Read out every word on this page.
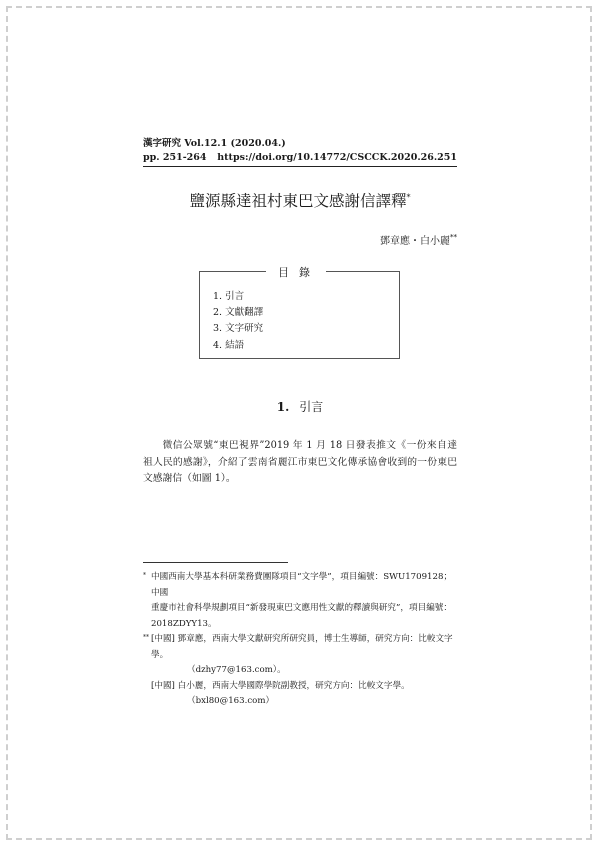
漢字研究 Vol.12.1 (2020.04.)
pp. 251-264 https://doi.org/10.14772/CSCCK.2020.26.251
鹽源縣達祖村東巴文感謝信譯釋*
鄧章應・白小麗**
目錄
1. 引言
2. 文獻翻譯
3. 文字研究
4. 結語
1. 引言
微信公眾號“東巴視界”2019 年 1 月 18 日發表推文《一份來自達祖人民的感謝》，介紹了雲南省麗江市東巴文化傳承協會收到的一份東巴文感謝信（如圖 1）。
* 中國西南大學基本科研業務費團隊項目“文字學”，項目編號：SWU1709128；中國
重慶市社會科學規劃項目“新發現東巴文應用性文獻的釋讀與研究”，項目編號：
2018ZDYY13。
** [中國] 鄧章應，西南大學文獻研究所研究員，博士生導師，研究方向：比較文字學。
（dzhy77@163.com）。
[中國] 白小麗，西南大學國際學院副教授，研究方向：比較文字學。
（bxl80@163.com）
